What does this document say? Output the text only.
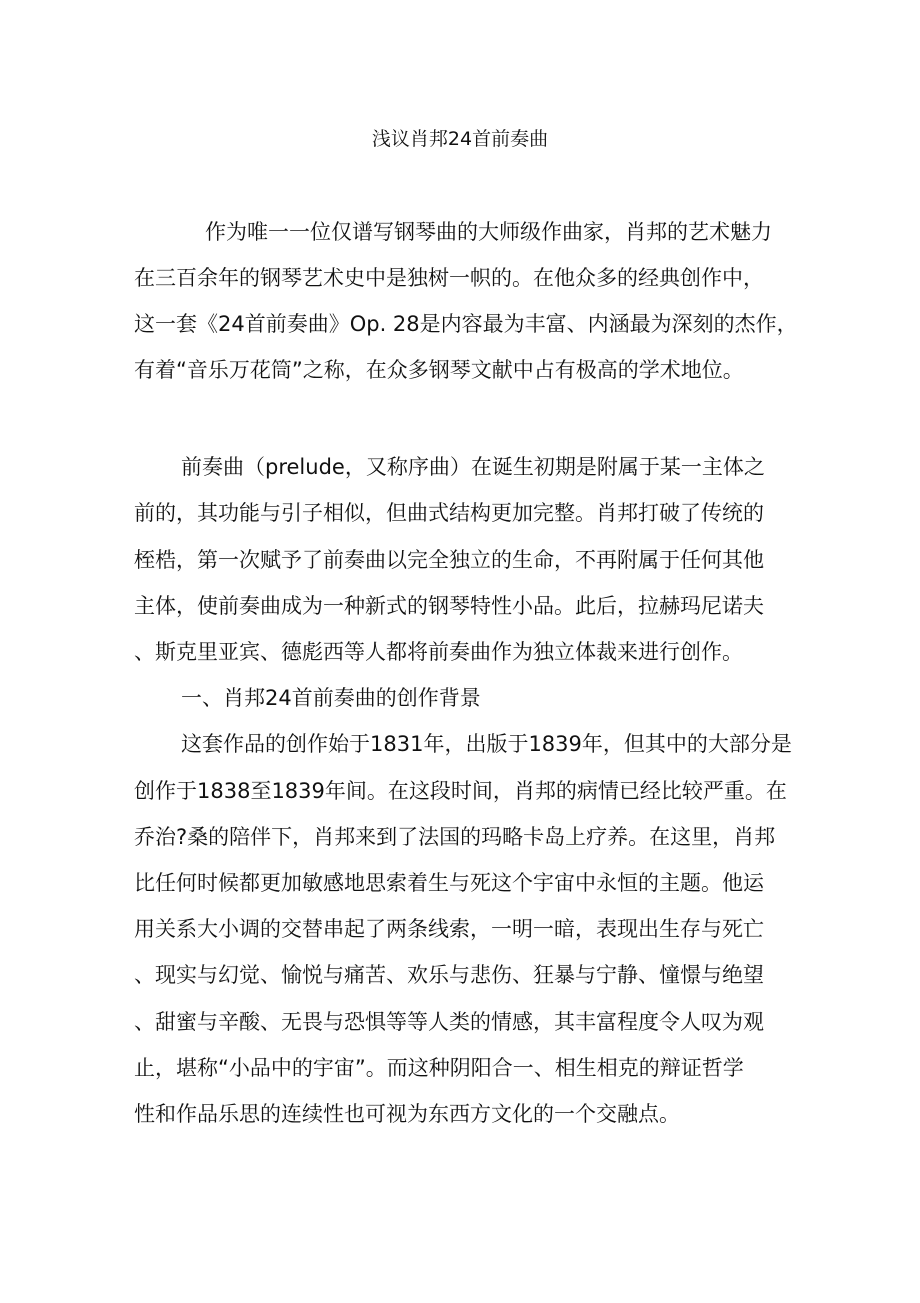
浅议肖邦24首前奏曲

作为唯一一位仅谱写钢琴曲的大师级作曲家，肖邦的艺术魅力

在三百余年的钢琴艺术史中是独树一帜的。在他众多的经典创作中，

这一套《24首前奏曲》Op. 28是内容最为丰富、内涵最为深刻的杰作，

有着“音乐万花筒”之称，在众多钢琴文献中占有极高的学术地位。

前奏曲（prelude，又称序曲）在诞生初期是附属于某一主体之

前的，其功能与引子相似，但曲式结构更加完整。肖邦打破了传统的

桎梏，第一次赋予了前奏曲以完全独立的生命，不再附属于任何其他

主体，使前奏曲成为一种新式的钢琴特性小品。此后，拉赫玛尼诺夫

、斯克里亚宾、德彪西等人都将前奏曲作为独立体裁来进行创作。

一、肖邦24首前奏曲的创作背景

这套作品的创作始于1831年，出版于1839年，但其中的大部分是

创作于1838至1839年间。在这段时间，肖邦的病情已经比较严重。在

乔治?桑的陪伴下，肖邦来到了法国的玛略卡岛上疗养。在这里，肖邦

比任何时候都更加敏感地思索着生与死这个宇宙中永恒的主题。他运

用关系大小调的交替串起了两条线索，一明一暗，表现出生存与死亡

、现实与幻觉、愉悦与痛苦、欢乐与悲伤、狂暴与宁静、憧憬与绝望

、甜蜜与辛酸、无畏与恐惧等等人类的情感，其丰富程度令人叹为观

止，堪称“小品中的宇宙”。而这种阴阳合一、相生相克的辩证哲学

性和作品乐思的连续性也可视为东西方文化的一个交融点。
